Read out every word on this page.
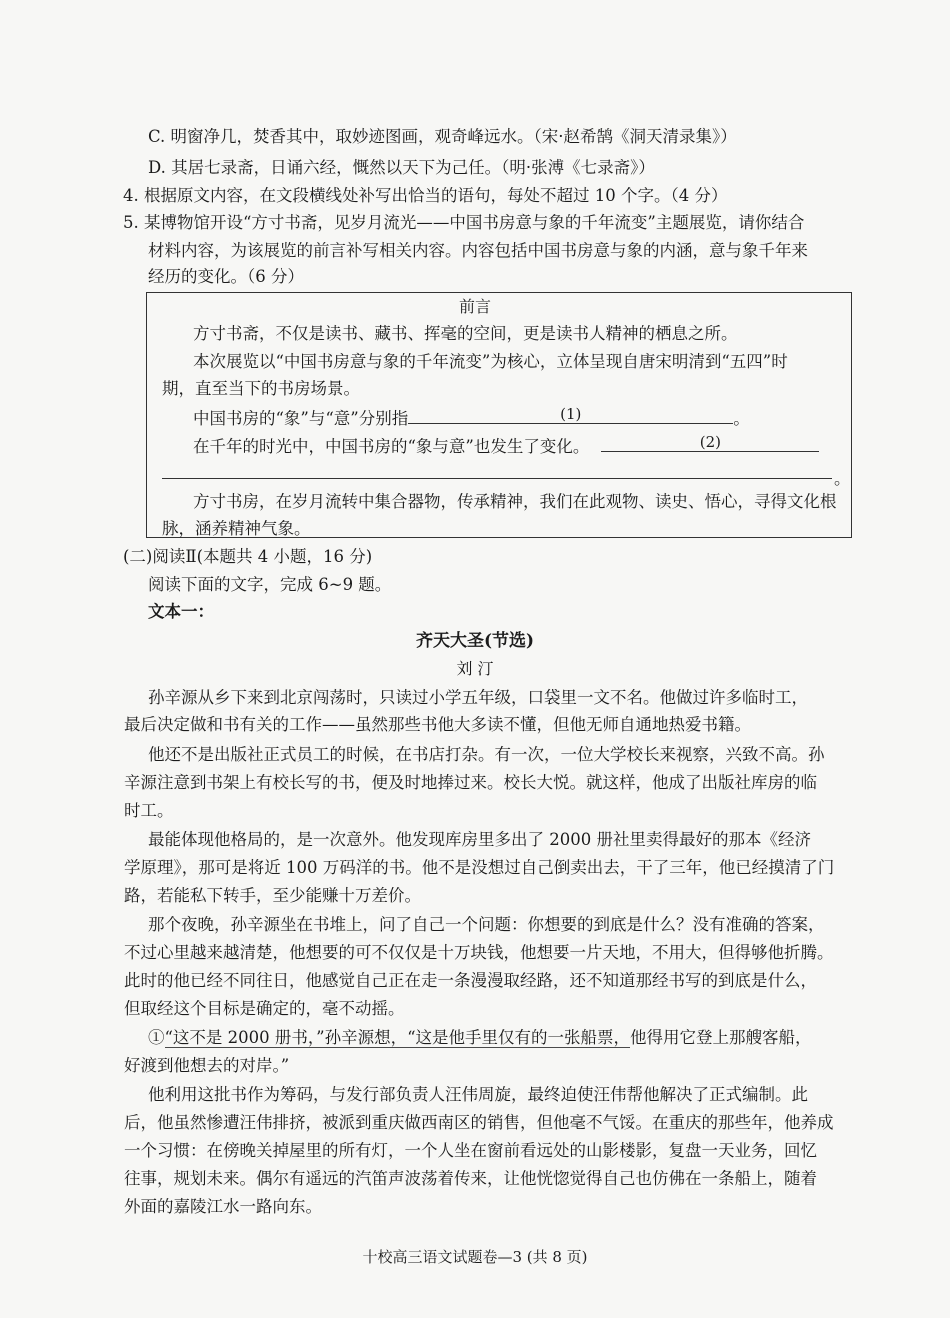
C. 明窗净几，焚香其中，取妙迹图画，观奇峰远水。（宋·赵希鹄《洞天清录集》）
D. 其居七录斋，日诵六经，慨然以天下为己任。（明·张溥《七录斋》）
4. 根据原文内容，在文段横线处补写出恰当的语句，每处不超过 10 个字。（4 分）
5. 某博物馆开设“方寸书斋，见岁月流光——中国书房意与象的千年流变”主题展览，请你结合
材料内容，为该展览的前言补写相关内容。内容包括中国书房意与象的内涵，意与象千年来
经历的变化。（6 分）
前言
方寸书斋，不仅是读书、藏书、挥毫的空间，更是读书人精神的栖息之所。
本次展览以“中国书房意与象的千年流变”为核心，立体呈现自唐宋明清到“五四”时
期，直至当下的书房场景。
中国书房的“象”与“意”分别指	(1)	。
在千年的时光中，中国书房的“象与意”也发生了变化。	(2)
。
方寸书房，在岁月流转中集合器物，传承精神，我们在此观物、读史、悟心，寻得文化根
脉，涵养精神气象。
(二)阅读Ⅱ(本题共 4 小题，16 分)
阅读下面的文字，完成 6~9 题。
文本一：
齐天大圣(节选)
刘 汀
孙辛源从乡下来到北京闯荡时，只读过小学五年级，口袋里一文不名。他做过许多临时工，
最后决定做和书有关的工作——虽然那些书他大多读不懂，但他无师自通地热爱书籍。
他还不是出版社正式员工的时候，在书店打杂。有一次，一位大学校长来视察，兴致不高。孙
辛源注意到书架上有校长写的书，便及时地捧过来。校长大悦。就这样，他成了出版社库房的临
时工。
最能体现他格局的，是一次意外。他发现库房里多出了 2000 册社里卖得最好的那本《经济
学原理》，那可是将近 100 万码洋的书。他不是没想过自己倒卖出去，干了三年，他已经摸清了门
路，若能私下转手，至少能赚十万差价。
那个夜晚，孙辛源坐在书堆上，问了自己一个问题：你想要的到底是什么？没有准确的答案，
不过心里越来越清楚，他想要的可不仅仅是十万块钱，他想要一片天地，不用大，但得够他折腾。
此时的他已经不同往日，他感觉自己正在走一条漫漫取经路，还不知道那经书写的到底是什么，
但取经这个目标是确定的，毫不动摇。
①“这不是 2000 册书，”孙辛源想，“这是他手里仅有的一张船票，他得用它登上那艘客船，
好渡到他想去的对岸。”
他利用这批书作为筹码，与发行部负责人汪伟周旋，最终迫使汪伟帮他解决了正式编制。此
后，他虽然惨遭汪伟排挤，被派到重庆做西南区的销售，但他毫不气馁。在重庆的那些年，他养成
一个习惯：在傍晚关掉屋里的所有灯，一个人坐在窗前看远处的山影楼影，复盘一天业务，回忆
往事，规划未来。偶尔有遥远的汽笛声波荡着传来，让他恍惚觉得自己也仿佛在一条船上，随着
外面的嘉陵江水一路向东。
十校高三语文试题卷—3 (共 8 页)
